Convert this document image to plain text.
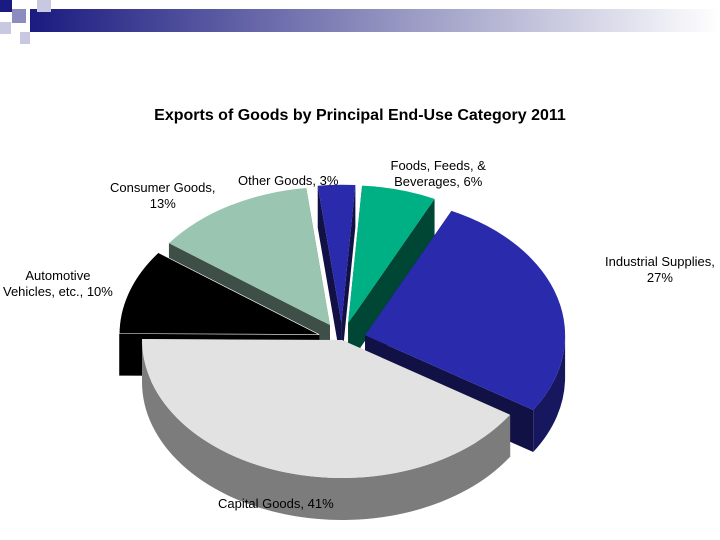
Exports of Goods by Principal End-Use Category 2011
Foods, Feeds, &
Beverages, 6%
Industrial Supplies,
27%
Capital Goods, 41%
Automotive
Vehicles, etc., 10%
Consumer Goods,
13%
Other Goods, 3%
